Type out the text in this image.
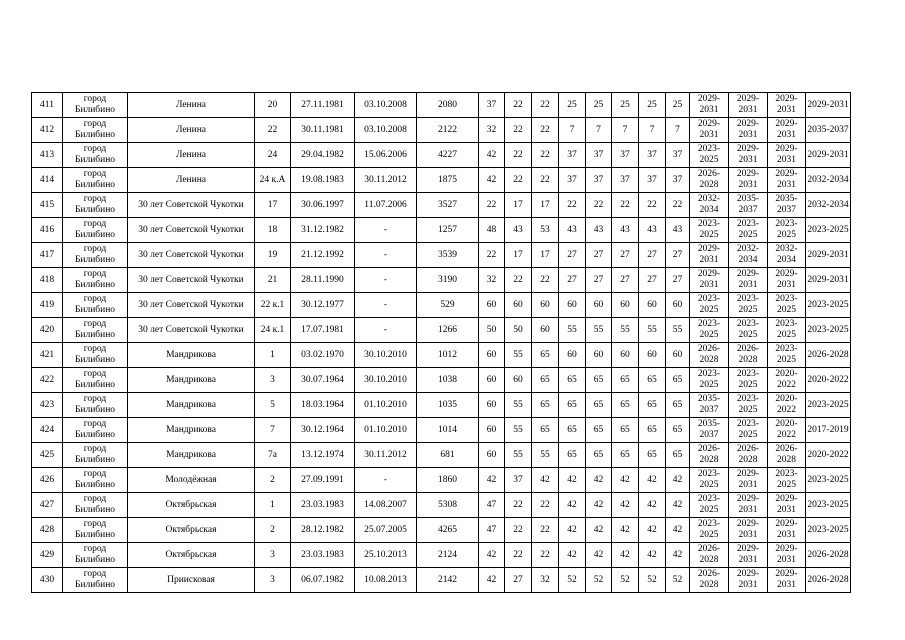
411	город Билибино	Ленина	20	27.11.1981	03.10.2008	2080	37	22	22	25	25	25	25	25	2029-2031	2029-2031	2029-2031	2029-2031
412	город Билибино	Ленина	22	30.11.1981	03.10.2008	2122	32	22	22	7	7	7	7	7	2029-2031	2029-2031	2029-2031	2035-2037
413	город Билибино	Ленина	24	29.04.1982	15.06.2006	4227	42	22	22	37	37	37	37	37	2023-2025	2029-2031	2029-2031	2029-2031
414	город Билибино	Ленина	24 к.А	19.08.1983	30.11.2012	1875	42	22	22	37	37	37	37	37	2026-2028	2029-2031	2029-2031	2032-2034
415	город Билибино	30 лет Советской Чукотки	17	30.06.1997	11.07.2006	3527	22	17	17	22	22	22	22	22	2032-2034	2035-2037	2035-2037	2032-2034
416	город Билибино	30 лет Советской Чукотки	18	31.12.1982	-	1257	48	43	53	43	43	43	43	43	2023-2025	2023-2025	2023-2025	2023-2025
417	город Билибино	30 лет Советской Чукотки	19	21.12.1992	-	3539	22	17	17	27	27	27	27	27	2029-2031	2032-2034	2032-2034	2029-2031
418	город Билибино	30 лет Советской Чукотки	21	28.11.1990	-	3190	32	22	22	27	27	27	27	27	2029-2031	2029-2031	2029-2031	2029-2031
419	город Билибино	30 лет Советской Чукотки	22 к.1	30.12.1977	-	529	60	60	60	60	60	60	60	60	2023-2025	2023-2025	2023-2025	2023-2025
420	город Билибино	30 лет Советской Чукотки	24 к.1	17.07.1981	-	1266	50	50	60	55	55	55	55	55	2023-2025	2023-2025	2023-2025	2023-2025
421	город Билибино	Мандрикова	1	03.02.1970	30.10.2010	1012	60	55	65	60	60	60	60	60	2026-2028	2026-2028	2023-2025	2026-2028
422	город Билибино	Мандрикова	3	30.07.1964	30.10.2010	1038	60	60	65	65	65	65	65	65	2023-2025	2023-2025	2020-2022	2020-2022
423	город Билибино	Мандрикова	5	18.03.1964	01.10.2010	1035	60	55	65	65	65	65	65	65	2035-2037	2023-2025	2020-2022	2023-2025
424	город Билибино	Мандрикова	7	30.12.1964	01.10.2010	1014	60	55	65	65	65	65	65	65	2035-2037	2023-2025	2020-2022	2017-2019
425	город Билибино	Мандрикова	7а	13.12.1974	30.11.2012	681	60	55	55	65	65	65	65	65	2026-2028	2026-2028	2026-2028	2020-2022
426	город Билибино	Молодёжная	2	27.09.1991	-	1860	42	37	42	42	42	42	42	42	2023-2025	2029-2031	2023-2025	2023-2025
427	город Билибино	Октябрьская	1	23.03.1983	14.08.2007	5308	47	22	22	42	42	42	42	42	2023-2025	2029-2031	2029-2031	2023-2025
428	город Билибино	Октябрьская	2	28.12.1982	25.07.2005	4265	47	22	22	42	42	42	42	42	2023-2025	2029-2031	2029-2031	2023-2025
429	город Билибино	Октябрьская	3	23.03.1983	25.10.2013	2124	42	22	22	42	42	42	42	42	2026-2028	2029-2031	2029-2031	2026-2028
430	город Билибино	Приисковая	3	06.07.1982	10.08.2013	2142	42	27	32	52	52	52	52	52	2026-2028	2029-2031	2029-2031	2026-2028
